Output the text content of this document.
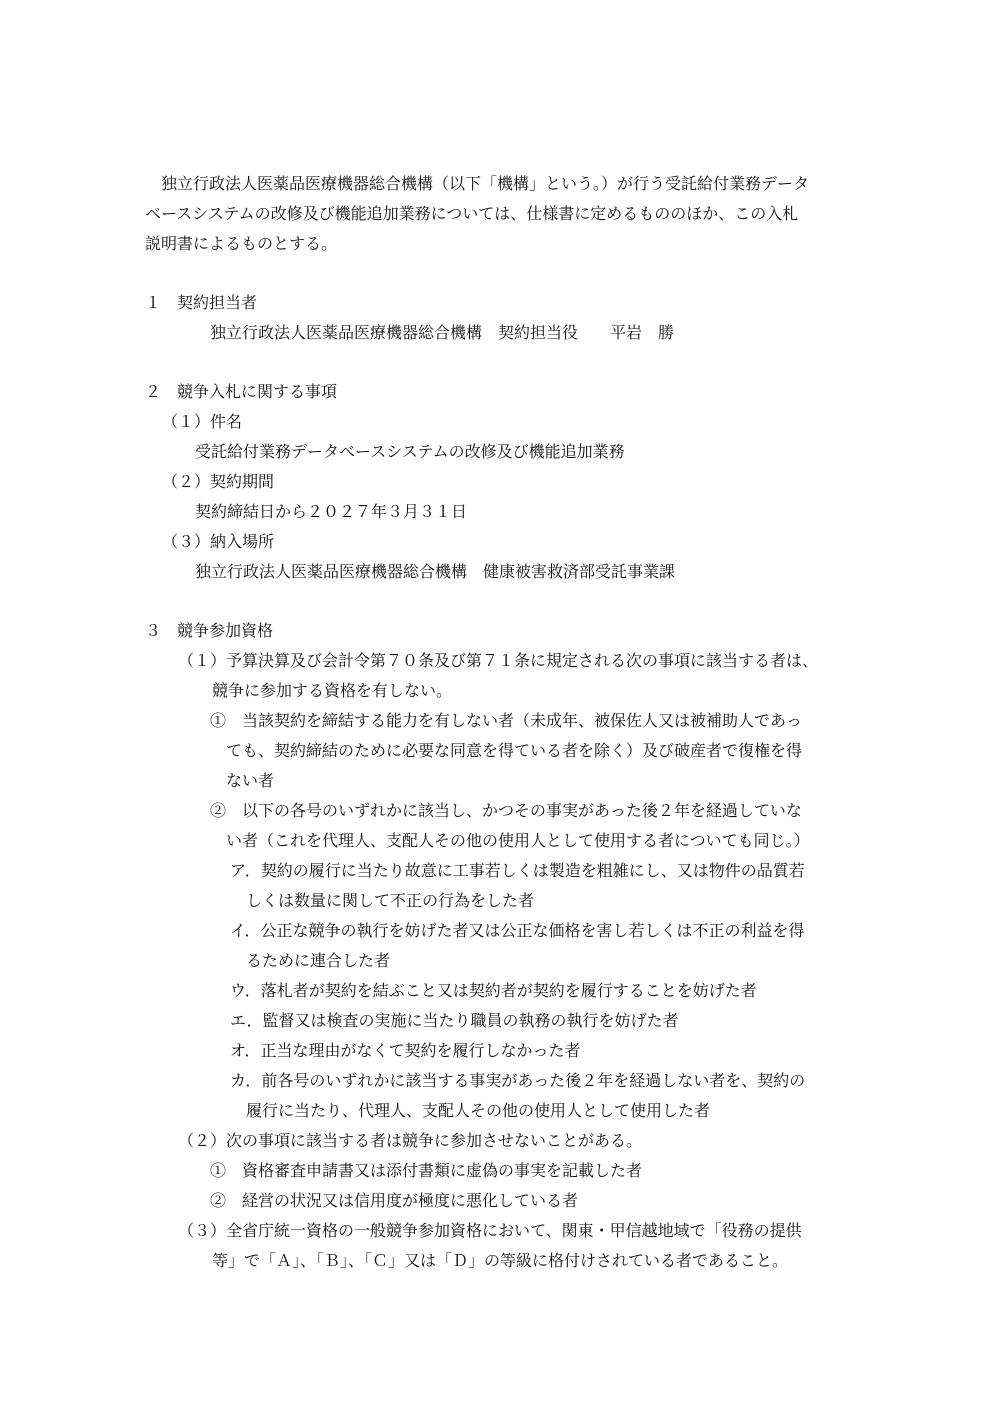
　独立行政法人医薬品医療機器総合機構（以下「機構」という。）が行う受託給付業務データ
ベースシステムの改修及び機能追加業務については、仕様書に定めるもののほか、この入札
説明書によるものとする。
１　契約担当者
独立行政法人医薬品医療機器総合機構　契約担当役　　平岩　勝
２　競争入札に関する事項
（１）件名
受託給付業務データベースシステムの改修及び機能追加業務
（２）契約期間
契約締結日から２０２７年３月３１日
（３）納入場所
独立行政法人医薬品医療機器総合機構　健康被害救済部受託事業課
３　競争参加資格
（１）予算決算及び会計令第７０条及び第７１条に規定される次の事項に該当する者は、
競争に参加する資格を有しない。
①　当該契約を締結する能力を有しない者（未成年、被保佐人又は被補助人であっ
ても、契約締結のために必要な同意を得ている者を除く）及び破産者で復権を得
ない者
②　以下の各号のいずれかに該当し、かつその事実があった後２年を経過していな
い者（これを代理人、支配人その他の使用人として使用する者についても同じ。）
ア．契約の履行に当たり故意に工事若しくは製造を粗雑にし、又は物件の品質若
しくは数量に関して不正の行為をした者
イ．公正な競争の執行を妨げた者又は公正な価格を害し若しくは不正の利益を得
るために連合した者
ウ．落札者が契約を結ぶこと又は契約者が契約を履行することを妨げた者
エ．監督又は検査の実施に当たり職員の執務の執行を妨げた者
オ．正当な理由がなくて契約を履行しなかった者
カ．前各号のいずれかに該当する事実があった後２年を経過しない者を、契約の
履行に当たり、代理人、支配人その他の使用人として使用した者
（２）次の事項に該当する者は競争に参加させないことがある。
①　資格審査申請書又は添付書類に虚偽の事実を記載した者
②　経営の状況又は信用度が極度に悪化している者
（３）全省庁統一資格の一般競争参加資格において、関東・甲信越地域で「役務の提供
等」で「Ａ」、「Ｂ」、「Ｃ」又は「Ｄ」の等級に格付けされている者であること。
